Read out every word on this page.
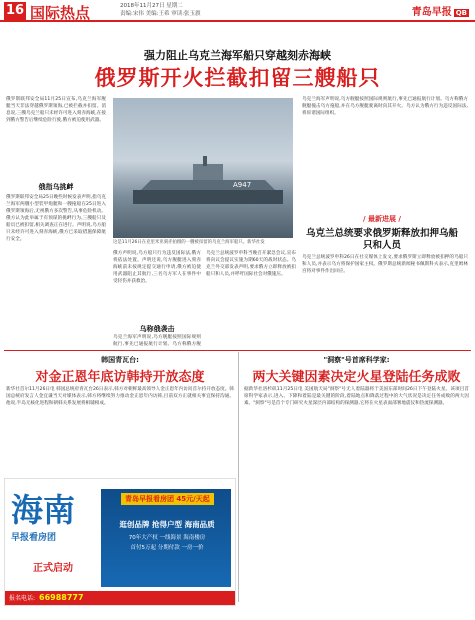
16 国际热点	2018年11月27日 星期二
责编:宋伟 美编:王希 审读:张玉旗	青岛早报 QB
强力阻止乌克兰海军船只穿越刻赤海峡
俄罗斯开火拦截扣留三艘船只
俄罗斯联邦安全局11月25日宣布,乌克兰海军舰艇当天非法穿越俄罗斯领海,已被拦截并扣留。消息说,三艘乌克兰船只未经许可进入刻赤海峡,在接到俄方警告后继续危险行驶,俄方被迫使用武器。
俄指乌挑衅
俄罗斯联邦安全局25日晚些时候发表声明,指乌克兰海军两艘小型装甲炮艇和一艘拖船在25日进入俄罗斯领海后,无视俄方多次警告,从事危险机动。俄方认为此举属于有预谋的挑衅行为,三艘船只及船员已被扣留,相关调查正在进行。声明说,乌方船只未经许可进入刻赤海峡,俄方已采取措施保障航行安全。
A947
这是11月26日在克里米亚刻赤拍摄的一艘被扣留的乌克兰海军船只。新华社发
俄方声明说,乌方船只行为违反国际法,俄方将依法处置。声明还说,乌方舰艇进入刻赤海峡前未按规定提交通行申请,俄方被迫使用武器阻止其航行,三名乌方军人在事件中受轻伤并获救治。
乌称俄袭击
乌克兰海军声明说,乌方舰艇按照国际规则航行,事先已通报航行计划。乌方称俄方舰
乌克兰总统波罗申科当晚召开紧急会议,宣布将向议会提议实施为期60天的战时状态。乌克兰外交部发表声明,要求俄方立即释放被扣船只和人员,并呼吁国际社会对俄施压。
乌克兰海军声明说,乌方舰艇按照国际规则航行,事先已通报航行计划。乌方称俄方舰艇撞击乌方拖船,并在乌方舰艇驶离时向其开火。乌方认为俄方行为违反国际法,将诉诸国际组织。
/ 最新进展 /
乌克兰总统要求俄罗斯释放扣押乌船只和人员
乌克兰总统波罗申科26日在社交媒体上发文,要求俄罗斯立即释放被扣押的乌船只和人员,并表示乌方将保护国家主权。俄罗斯总统新闻秘书佩斯科夫表示,克里姆林宫将对事件作出回应。
韩国青瓦台:
对金正恩年底访韩持开放态度
新华社首尔11月26日电 韩国总统府青瓦台26日表示,韩方对朝鲜最高领导人金正恩年内访问首尔持开放态度。韩国总统府发言人金宜谦当天对媒体表示,韩方将继续努力推动金正恩年内访韩,目前双方正就相关事宜保持沟通。他说,半岛无核化进程和朝韩关系发展将相辅相成。
"洞察"号首席科学家:
两大关键因素决定火星登陆任务成败
据新华社洛杉矶11月25日电 美国航天局"洞察"号无人着陆器将于美国东部时间26日下午登陆火星。该项目首席科学家表示,进入、下降和着陆是最关键的阶段,着陆地点和降落过程中的大气状况是决定任务成败的两大因素。"洞察"号是首个专门研究火星深层内部结构的探测器,它将在火星表面部署地震仪和热流探测器。
海南
早报看房团
正式启动
青岛早报看房团 45元/天起
逛创品牌 抢得户型 海南品质
70年大产权 一线海景 海南楼房
首付5万起 分期付款 一房一价
报名电话: 66988777
